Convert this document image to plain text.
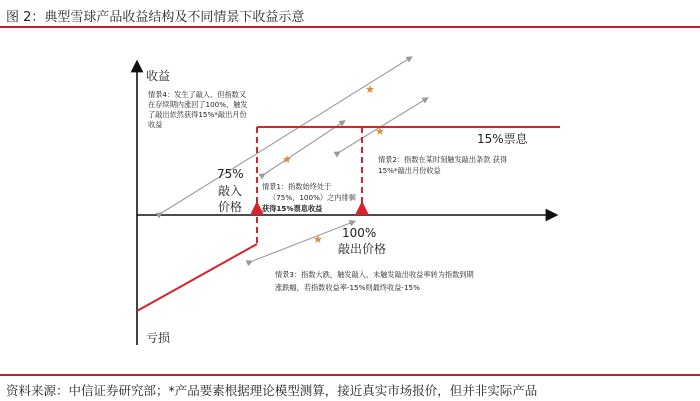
图 2：典型雪球产品收益结构及不同情景下收益示意
收益
亏损
★
★
★
★
15%票息
75%
敲入
价格
100%
敲出价格
情景4：发生了敲入、但指数又
在存续期内涨回了100%，触发
了敲出依然获得15%*敲出月份
收益
情景2：指数在某时刻触发敲出条款 获得
15%*敲出月份收益
情景1：指数始终处于
（75%，100%）之内徘徊
获得15%票息收益
情景3：指数大跌，触发敲入，未触发敲出收益率转为指数到期
涨跌幅，若指数收益率-15%则最终收益-15%
资料来源：中信证券研究部；*产品要素根据理论模型测算，接近真实市场报价，但并非实际产品
